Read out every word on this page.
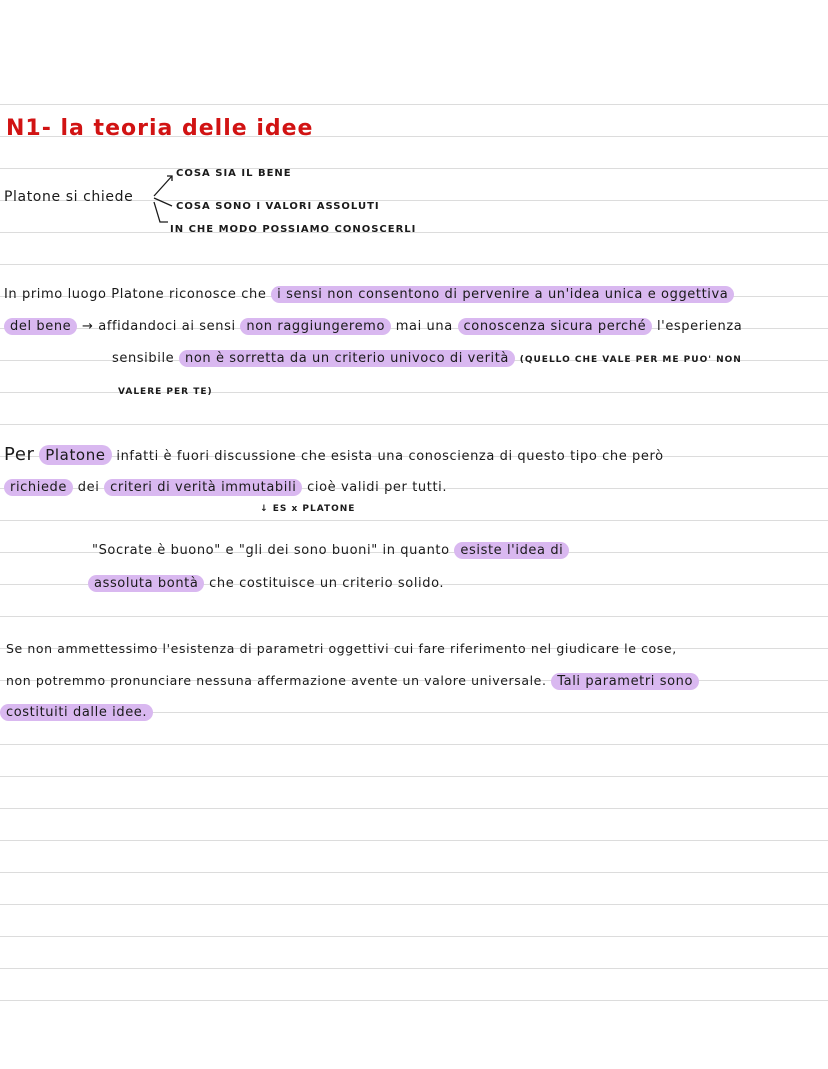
N1- la teoria delle idee
Platone si chiede
COSA SIA IL BENE
COSA SONO I VALORI ASSOLUTI
IN CHE MODO POSSIAMO CONOSCERLI
In primo luogo Platone riconosce che i sensi non consentono di pervenire a un'idea unica e oggettiva
del bene → affidandoci ai sensi non raggiungeremo mai una conoscenza sicura perché l'esperienza
sensibile non è sorretta da un criterio univoco di verità (QUELLO CHE VALE PER ME PUO' NON
VALERE PER TE)
Per Platone infatti è fuori discussione che esista una conoscienza di questo tipo che però
richiede dei criteri di verità immutabili cioè validi per tutti.
↓ ES x PLATONE
"Socrate è buono" e "gli dei sono buoni" in quanto esiste l'idea di
assoluta bontà che costituisce un criterio solido.
Se non ammettessimo l'esistenza di parametri oggettivi cui fare riferimento nel giudicare le cose,
non potremmo pronunciare nessuna affermazione avente un valore universale. Tali parametri sono
costituiti dalle idee.
